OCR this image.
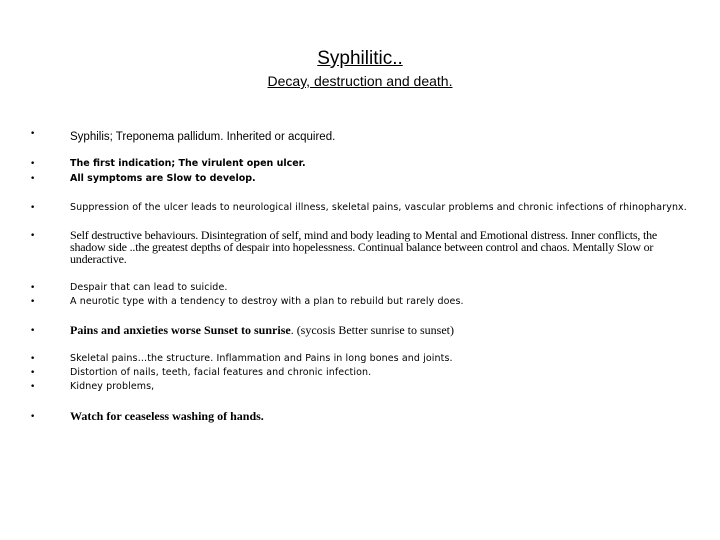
Syphilitic..
Decay, destruction and death.
•	Syphilis; Treponema pallidum. Inherited or acquired.
•	The first indication; The virulent open ulcer.
•	All symptoms are Slow to develop.
•	Suppression of the ulcer leads to neurological illness, skeletal pains, vascular problems and chronic infections of rhinopharynx.
•	Self destructive behaviours. Disintegration of self, mind and body leading to Mental and Emotional distress. Inner conflicts, the shadow side ..the greatest depths of despair into hopelessness. Continual balance between control and chaos. Mentally Slow or underactive.
•	Despair that can lead to suicide.
•	A neurotic type with a tendency to destroy with a plan to rebuild but rarely does.
•	Pains and anxieties worse Sunset to sunrise. (sycosis Better sunrise to sunset)
•	Skeletal pains…the structure. Inflammation and Pains in long bones and joints.
•	Distortion of nails, teeth, facial features and chronic infection.
•	Kidney problems,
•	Watch for ceaseless washing of hands.
